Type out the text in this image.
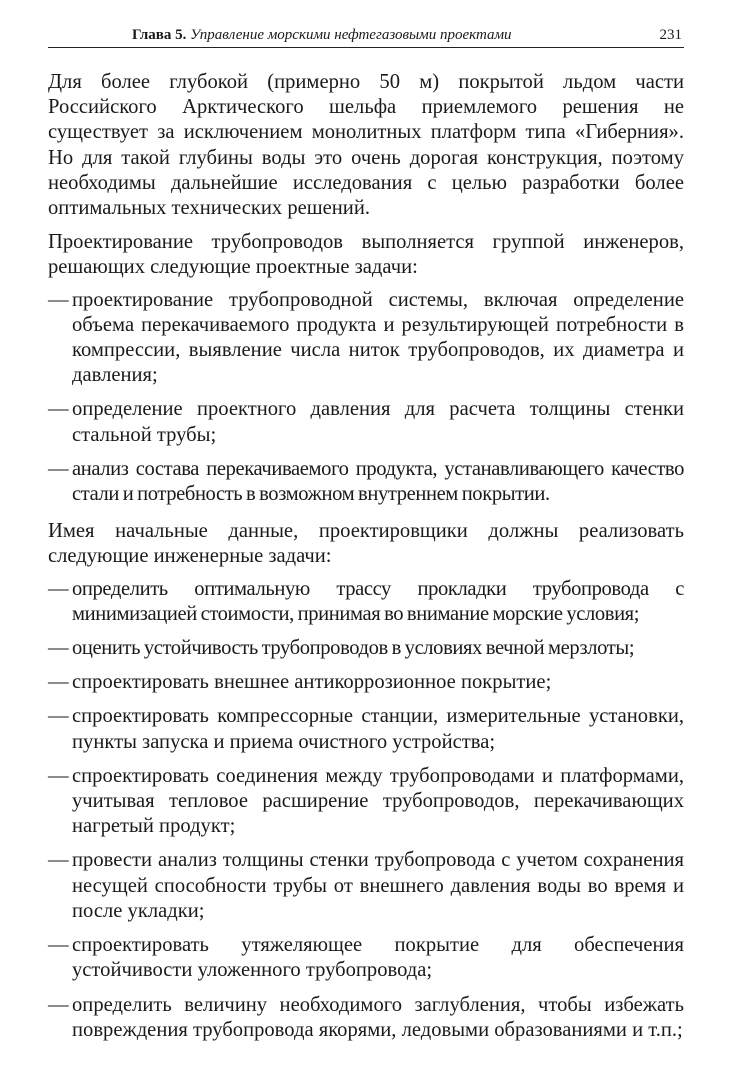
Глава 5. Управление морскими нефтегазовыми проектами	231

Для более глубокой (примерно 50 м) покрытой льдом части Российского Арктического шельфа приемлемого решения не существует за исключением монолитных платформ типа «Гиберния». Но для такой глубины воды это очень дорогая конструкция, поэтому необходимы дальнейшие исследования с целью разработки более оптимальных технических решений.

Проектирование трубопроводов выполняется группой инженеров, решающих следующие проектные задачи:

— проектирование трубопроводной системы, включая определение объема перекачиваемого продукта и результирующей потребности в компрессии, выявление числа ниток трубопроводов, их диаметра и давления;
— определение проектного давления для расчета толщины стенки стальной трубы;
— анализ состава перекачиваемого продукта, устанавливающего качество стали и потребность в возможном внутреннем покрытии.

Имея начальные данные, проектировщики должны реализовать следующие инженерные задачи:

— определить оптимальную трассу прокладки трубопровода с минимизацией стоимости, принимая во внимание морские условия;
— оценить устойчивость трубопроводов в условиях вечной мерзлоты;
— спроектировать внешнее антикоррозионное покрытие;
— спроектировать компрессорные станции, измерительные установки, пункты запуска и приема очистного устройства;
— спроектировать соединения между трубопроводами и платформами, учитывая тепловое расширение трубопроводов, перекачивающих нагретый продукт;
— провести анализ толщины стенки трубопровода с учетом сохранения несущей способности трубы от внешнего давления воды во время и после укладки;
— спроектировать утяжеляющее покрытие для обеспечения устойчивости уложенного трубопровода;
— определить величину необходимого заглубления, чтобы избежать повреждения трубопровода якорями, ледовыми образованиями и т.п.;
